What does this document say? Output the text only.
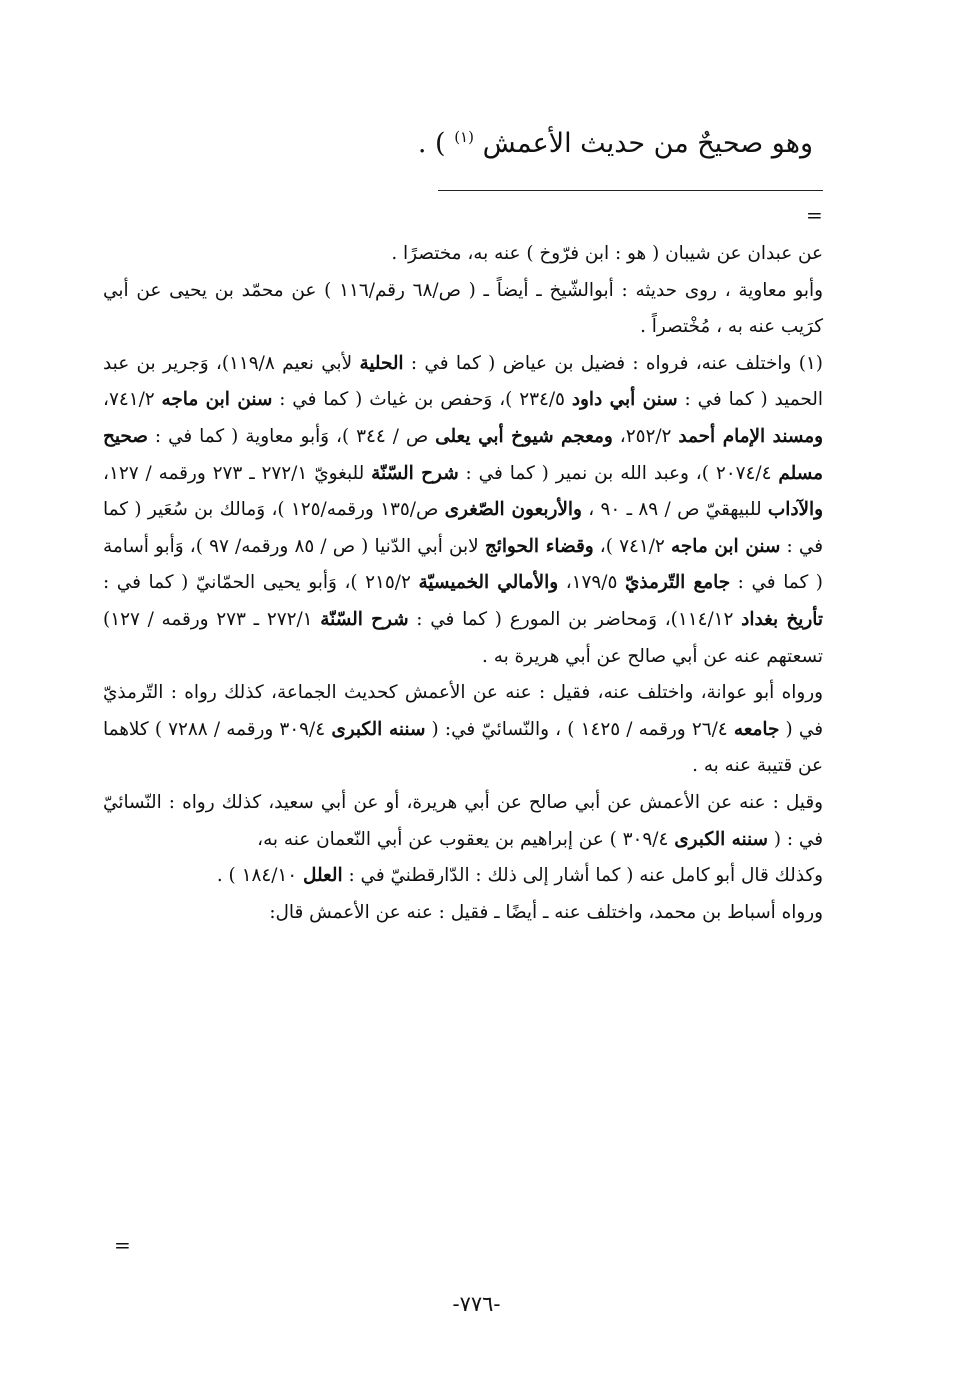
وهو صحيحٌ من حديث الأعمش $^{(١)}$ ) .
=

عن عبدان عن شيبان ( هو : ابن فرّوخ ) عنه به، مختصرًا .

وأبو معاوية ، روى حديثه : أبوالشّيخ ـ أيضاً ـ ( ص/٦٨ رقم/١١٦ ) عن محمّد بن يحيى عن أبي كرَيب عنه به ، مُخْتصراً .

(١) واختلف عنه، فرواه : فضيل بن عياض ( كما في : الحلية لأبي نعيم ١١٩/٨)، وَجرير بن عبد الحميد ( كما في : سنن أبي داود ٢٣٤/٥ )، وَحفص بن غياث ( كما في : سنن ابن ماجه ٧٤١/٢، ومسند الإمام أحمد ٢٥٢/٢، ومعجم شيوخ أبي يعلى ص / ٣٤٤ )، وَأبو معاوية ( كما في : صحيح مسلم ٢٠٧٤/٤ )، وعبد الله بن نمير ( كما في : شرح السّنّة للبغويّ ٢٧٢/١ ـ ٢٧٣ ورقمه / ١٢٧، والآداب للبيهقيّ ص / ٨٩ ـ ٩٠ ، والأربعون الصّغرى ص/١٣٥ ورقمه/١٢٥ )، وَمالك بن سُعَير ( كما في : سنن ابن ماجه ٧٤١/٢ )، وقضاء الحوائج لابن أبي الدّنيا ( ص / ٨٥ ورقمه/ ٩٧ )، وَأبو أسامة ( كما في : جامع التّرمذيّ ١٧٩/٥، والأمالي الخميسيّة ٢١٥/٢ )، وَأبو يحيى الحمّانيّ ( كما في : تأريخ بغداد ١١٤/١٢)، وَمحاضر بن المورع ( كما في : شرح السّنّة ٢٧٢/١ ـ ٢٧٣ ورقمه / ١٢٧) تسعتهم عنه عن أبي صالح عن أبي هريرة به .

ورواه أبو عوانة، واختلف عنه، فقيل : عنه عن الأعمش كحديث الجماعة، كذلك رواه : التّرمذيّ في ( جامعه ٢٦/٤ ورقمه / ١٤٢٥ ) ، والنّسائيّ في: ( سننه الكبرى ٣٠٩/٤ ورقمه / ٧٢٨٨ ) كلاهما عن قتيبة عنه به .

وقيل : عنه عن الأعمش عن أبي صالح عن أبي هريرة، أو عن أبي سعيد، كذلك رواه : النّسائيّ في : ( سننه الكبرى ٣٠٩/٤ ) عن إبراهيم بن يعقوب عن أبي النّعمان عنه به،

وكذلك قال أبو كامل عنه ( كما أشار إلى ذلك : الدّارقطنيّ في : العلل ١٨٤/١٠ ) .

ورواه أسباط بن محمد، واختلف عنه ـ أيضًا ـ فقيل : عنه عن الأعمش قال:

=
-٧٧٦-
